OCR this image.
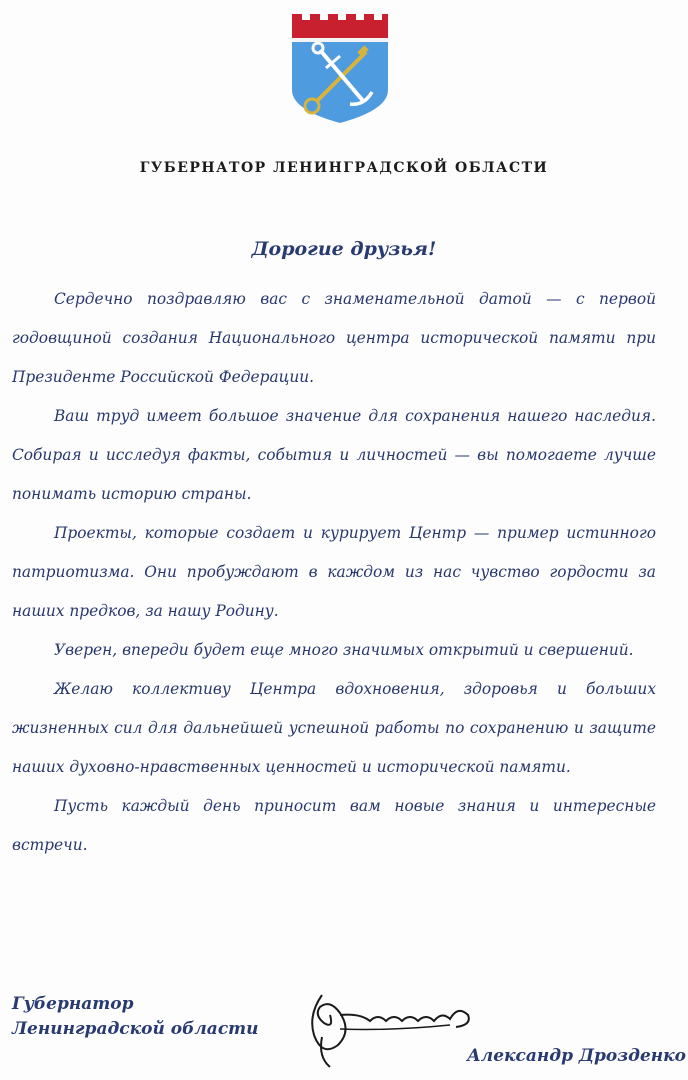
ГУБЕРНАТОР ЛЕНИНГРАДСКОЙ ОБЛАСТИ
Дорогие друзья!

Сердечно поздравляю вас с знаменательной датой — с первой годовщиной создания Национального центра исторической памяти при Президенте Российской Федерации.

Ваш труд имеет большое значение для сохранения нашего наследия. Собирая и исследуя факты, события и личностей — вы помогаете лучше понимать историю страны.

Проекты, которые создает и курирует Центр — пример истинного патриотизма. Они пробуждают в каждом из нас чувство гордости за наших предков, за нашу Родину.

Уверен, впереди будет еще много значимых открытий и свершений.

Желаю коллективу Центра вдохновения, здоровья и больших жизненных сил для дальнейшей успешной работы по сохранению и защите наших духовно-нравственных ценностей и исторической памяти.

Пусть каждый день приносит вам новые знания и интересные встречи.

Губернатор
Ленинградской области
Александр Дрозденко
